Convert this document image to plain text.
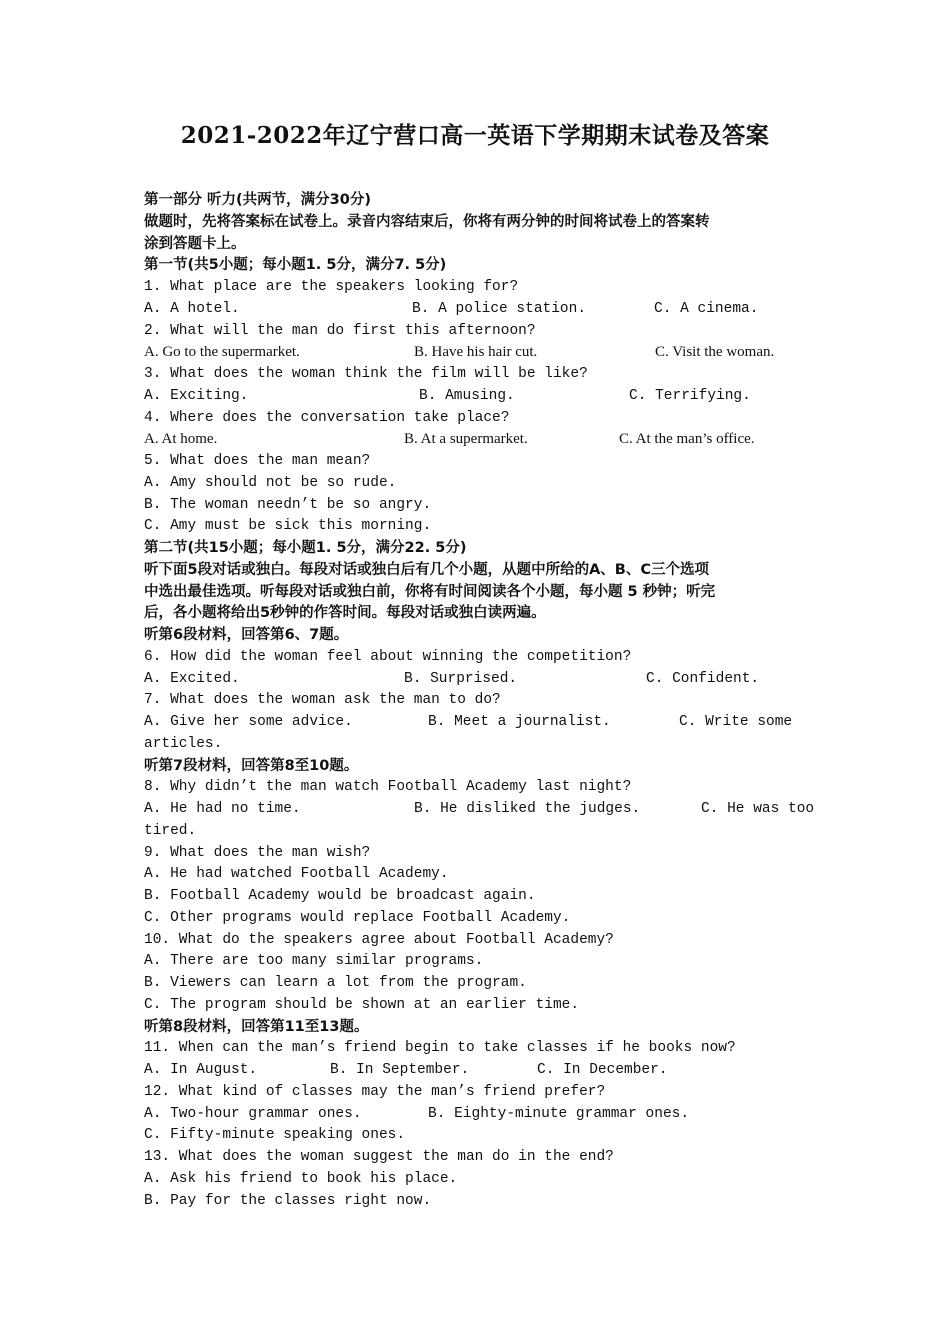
2021-2022年辽宁营口高一英语下学期期末试卷及答案
第一部分 听力(共两节，满分30分)
做题时，先将答案标在试卷上。录音内容结束后，你将有两分钟的时间将试卷上的答案转
涂到答题卡上。
第一节(共5小题；每小题1. 5分，满分7. 5分)
1. What place are the speakers looking for?
A. A hotel.	B. A police station.	C. A cinema.
2. What will the man do first this afternoon?
A. Go to the supermarket.	B. Have his hair cut.	C. Visit the woman.
3. What does the woman think the film will be like?
A. Exciting.	B. Amusing.	C. Terrifying.
4. Where does the conversation take place?
A. At home.	B. At a supermarket.	C. At the man’s office.
5. What does the man mean?
A. Amy should not be so rude.
B. The woman needn’t be so angry.
C. Amy must be sick this morning.
第二节(共15小题；每小题1. 5分，满分22. 5分)
听下面5段对话或独白。每段对话或独白后有几个小题，从题中所给的A、B、C三个选项
中选出最佳选项。听每段对话或独白前，你将有时间阅读各个小题，每小题 5 秒钟；听完
后，各小题将给出5秒钟的作答时间。每段对话或独白读两遍。
听第6段材料，回答第6、7题。
6. How did the woman feel about winning the competition?
A. Excited.	B. Surprised.	C. Confident.
7. What does the woman ask the man to do?
A. Give her some advice.	B. Meet a journalist.	C. Write some
articles.
听第7段材料，回答第8至10题。
8. Why didn’t the man watch Football Academy last night?
A. He had no time.	B. He disliked the judges.	C. He was too
tired.
9. What does the man wish?
A. He had watched Football Academy.
B. Football Academy would be broadcast again.
C. Other programs would replace Football Academy.
10. What do the speakers agree about Football Academy?
A. There are too many similar programs.
B. Viewers can learn a lot from the program.
C. The program should be shown at an earlier time.
听第8段材料，回答第11至13题。
11. When can the man’s friend begin to take classes if he books now?
A. In August.	B. In September.	C. In December.
12. What kind of classes may the man’s friend prefer?
A. Two-hour grammar ones.	B. Eighty-minute grammar ones.
C. Fifty-minute speaking ones.
13. What does the woman suggest the man do in the end?
A. Ask his friend to book his place.
B. Pay for the classes right now.
